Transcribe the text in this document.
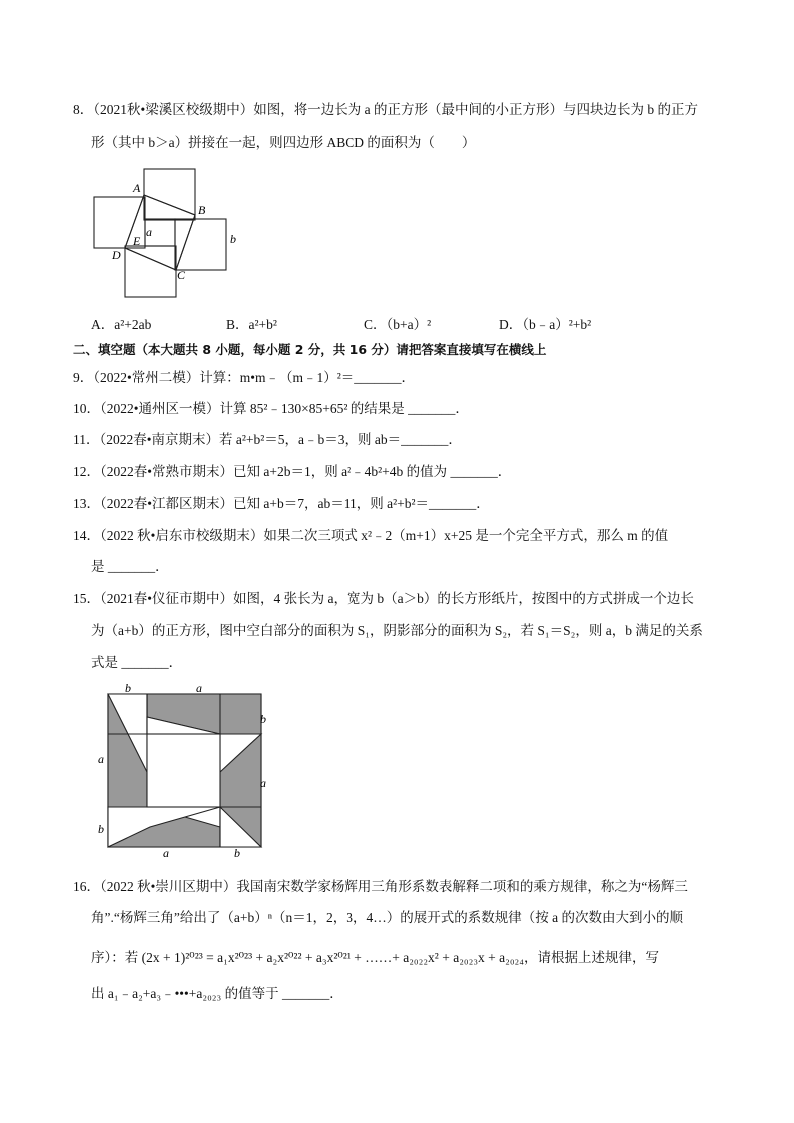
8．（2021秋•梁溪区校级期中）如图，将一边长为 a 的正方形（最中间的小正方形）与四块边长为 b 的正方
形（其中 b＞a）拼接在一起，则四边形 ABCD 的面积为（　　）
A
B
C
D
E
a	b
A．a²+2ab	B．a²+b²	C．（b+a）²	D．（b﹣a）²+b²
二、填空题（本大题共 8 小题，每小题 2 分，共 16 分）请把答案直接填写在横线上
9．（2022•常州二模）计算：m•m﹣（m﹣1）²＝_______．
10．（2022•通州区一模）计算 85²﹣130×85+65² 的结果是 _______．
11．（2022春•南京期末）若 a²+b²＝5，a﹣b＝3，则 ab＝_______．
12．（2022春•常熟市期末）已知 a+2b＝1，则 a²﹣4b²+4b 的值为 _______．
13．（2022春•江都区期末）已知 a+b＝7，ab＝11，则 a²+b²＝_______．
14．（2022 秋•启东市校级期末）如果二次三项式 x²﹣2（m+1）x+25 是一个完全平方式，那么 m 的值
是 _______．
15．（2021春•仪征市期中）如图，4 张长为 a，宽为 b（a＞b）的长方形纸片，按图中的方式拼成一个边长
为（a+b）的正方形，图中空白部分的面积为 S₁，阴影部分的面积为 S₂，若 S₁＝S₂，则 a，b 满足的关系
式是 _______．
b	a
b
a
a
b
a	b
16．（2022 秋•崇川区期中）我国南宋数学家杨辉用三角形系数表解释二项和的乘方规律，称之为“杨辉三
角”.“杨辉三角”给出了（a+b）ⁿ（n＝1，2，3，4…）的展开式的系数规律（按 a 的次数由大到小的顺
序）：若 (2x + 1)²⁰²³ = a₁x²⁰²³ + a₂x²⁰²² + a₃x²⁰²¹ + ……+ a₂₀₂₂x² + a₂₀₂₃x + a₂₀₂₄，请根据上述规律，写
出 a₁﹣a₂+a₃﹣•••+a₂₀₂₃ 的值等于 _______．
